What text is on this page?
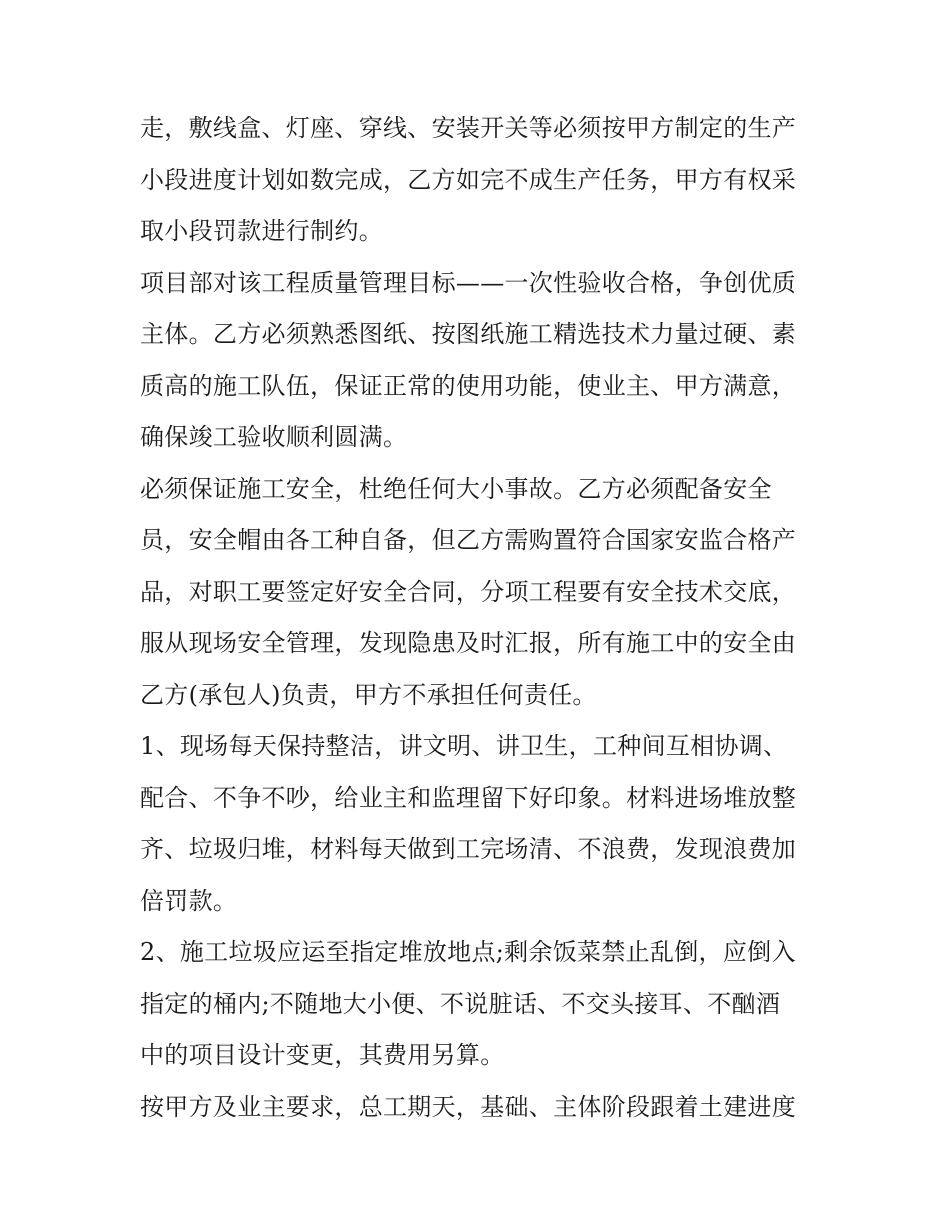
走，敷线盒、灯座、穿线、安装开关等必须按甲方制定的生产
小段进度计划如数完成，乙方如完不成生产任务，甲方有权采
取小段罚款进行制约。
项目部对该工程质量管理目标——一次性验收合格，争创优质
主体。乙方必须熟悉图纸、按图纸施工精选技术力量过硬、素
质高的施工队伍，保证正常的使用功能，使业主、甲方满意，
确保竣工验收顺利圆满。
必须保证施工安全，杜绝任何大小事故。乙方必须配备安全
员，安全帽由各工种自备，但乙方需购置符合国家安监合格产
品，对职工要签定好安全合同，分项工程要有安全技术交底，
服从现场安全管理，发现隐患及时汇报，所有施工中的安全由
乙方(承包人)负责，甲方不承担任何责任。
1、现场每天保持整洁，讲文明、讲卫生，工种间互相协调、
配合、不争不吵，给业主和监理留下好印象。材料进场堆放整
齐、垃圾归堆，材料每天做到工完场清、不浪费，发现浪费加
倍罚款。
2、施工垃圾应运至指定堆放地点;剩余饭菜禁止乱倒，应倒入
指定的桶内;不随地大小便、不说脏话、不交头接耳、不酗酒
中的项目设计变更，其费用另算。
按甲方及业主要求，总工期天，基础、主体阶段跟着土建进度
